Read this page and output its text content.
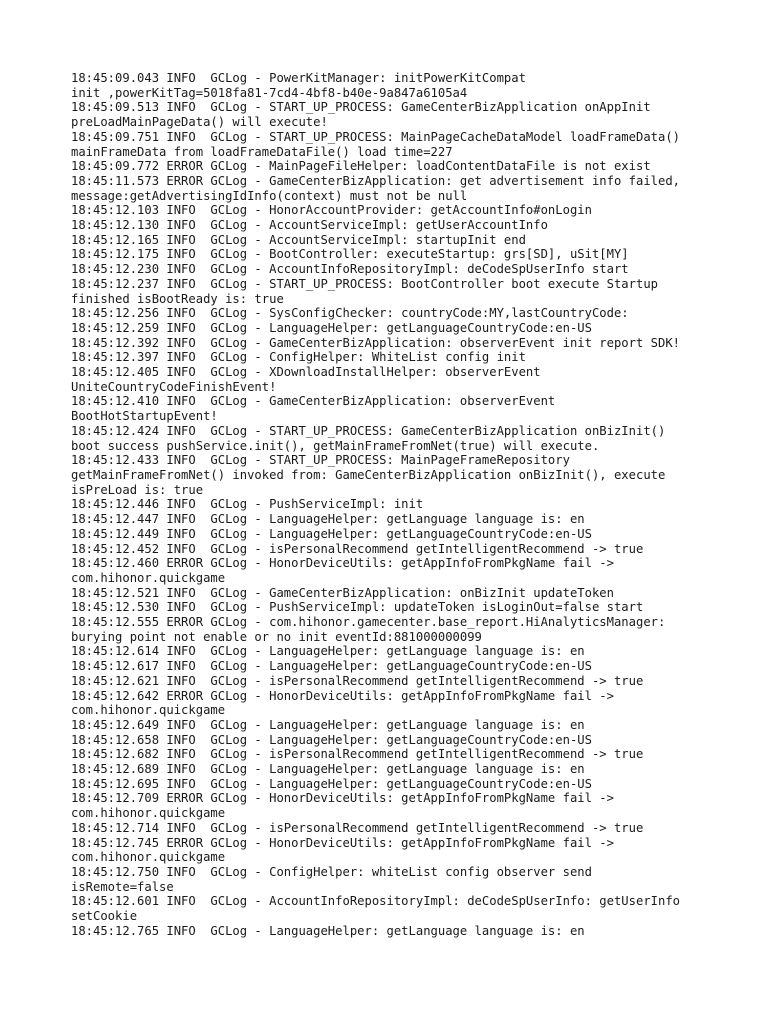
18:45:09.043 INFO  GCLog - PowerKitManager: initPowerKitCompat
init ,powerKitTag=5018fa81-7cd4-4bf8-b40e-9a847a6105a4
18:45:09.513 INFO  GCLog - START_UP_PROCESS: GameCenterBizApplication onAppInit
preLoadMainPageData() will execute!
18:45:09.751 INFO  GCLog - START_UP_PROCESS: MainPageCacheDataModel loadFrameData()
mainFrameData from loadFrameDataFile() load time=227
18:45:09.772 ERROR GCLog - MainPageFileHelper: loadContentDataFile is not exist
18:45:11.573 ERROR GCLog - GameCenterBizApplication: get advertisement info failed,
message:getAdvertisingIdInfo(context) must not be null
18:45:12.103 INFO  GCLog - HonorAccountProvider: getAccountInfo#onLogin
18:45:12.130 INFO  GCLog - AccountServiceImpl: getUserAccountInfo
18:45:12.165 INFO  GCLog - AccountServiceImpl: startupInit end
18:45:12.175 INFO  GCLog - BootController: executeStartup: grs[SD], uSit[MY]
18:45:12.230 INFO  GCLog - AccountInfoRepositoryImpl: deCodeSpUserInfo start
18:45:12.237 INFO  GCLog - START_UP_PROCESS: BootController boot execute Startup
finished isBootReady is: true
18:45:12.256 INFO  GCLog - SysConfigChecker: countryCode:MY,lastCountryCode:
18:45:12.259 INFO  GCLog - LanguageHelper: getLanguageCountryCode:en-US
18:45:12.392 INFO  GCLog - GameCenterBizApplication: observerEvent init report SDK!
18:45:12.397 INFO  GCLog - ConfigHelper: WhiteList config init
18:45:12.405 INFO  GCLog - XDownloadInstallHelper: observerEvent
UniteCountryCodeFinishEvent!
18:45:12.410 INFO  GCLog - GameCenterBizApplication: observerEvent
BootHotStartupEvent!
18:45:12.424 INFO  GCLog - START_UP_PROCESS: GameCenterBizApplication onBizInit()
boot success pushService.init(), getMainFrameFromNet(true) will execute.
18:45:12.433 INFO  GCLog - START_UP_PROCESS: MainPageFrameRepository
getMainFrameFromNet() invoked from: GameCenterBizApplication onBizInit(), execute
isPreLoad is: true
18:45:12.446 INFO  GCLog - PushServiceImpl: init
18:45:12.447 INFO  GCLog - LanguageHelper: getLanguage language is: en
18:45:12.449 INFO  GCLog - LanguageHelper: getLanguageCountryCode:en-US
18:45:12.452 INFO  GCLog - isPersonalRecommend getIntelligentRecommend -> true
18:45:12.460 ERROR GCLog - HonorDeviceUtils: getAppInfoFromPkgName fail ->
com.hihonor.quickgame
18:45:12.521 INFO  GCLog - GameCenterBizApplication: onBizInit updateToken
18:45:12.530 INFO  GCLog - PushServiceImpl: updateToken isLoginOut=false start
18:45:12.555 ERROR GCLog - com.hihonor.gamecenter.base_report.HiAnalyticsManager:
burying point not enable or no init eventId:881000000099
18:45:12.614 INFO  GCLog - LanguageHelper: getLanguage language is: en
18:45:12.617 INFO  GCLog - LanguageHelper: getLanguageCountryCode:en-US
18:45:12.621 INFO  GCLog - isPersonalRecommend getIntelligentRecommend -> true
18:45:12.642 ERROR GCLog - HonorDeviceUtils: getAppInfoFromPkgName fail ->
com.hihonor.quickgame
18:45:12.649 INFO  GCLog - LanguageHelper: getLanguage language is: en
18:45:12.658 INFO  GCLog - LanguageHelper: getLanguageCountryCode:en-US
18:45:12.682 INFO  GCLog - isPersonalRecommend getIntelligentRecommend -> true
18:45:12.689 INFO  GCLog - LanguageHelper: getLanguage language is: en
18:45:12.695 INFO  GCLog - LanguageHelper: getLanguageCountryCode:en-US
18:45:12.709 ERROR GCLog - HonorDeviceUtils: getAppInfoFromPkgName fail ->
com.hihonor.quickgame
18:45:12.714 INFO  GCLog - isPersonalRecommend getIntelligentRecommend -> true
18:45:12.745 ERROR GCLog - HonorDeviceUtils: getAppInfoFromPkgName fail ->
com.hihonor.quickgame
18:45:12.750 INFO  GCLog - ConfigHelper: whiteList config observer send
isRemote=false
18:45:12.601 INFO  GCLog - AccountInfoRepositoryImpl: deCodeSpUserInfo: getUserInfo
setCookie
18:45:12.765 INFO  GCLog - LanguageHelper: getLanguage language is: en
